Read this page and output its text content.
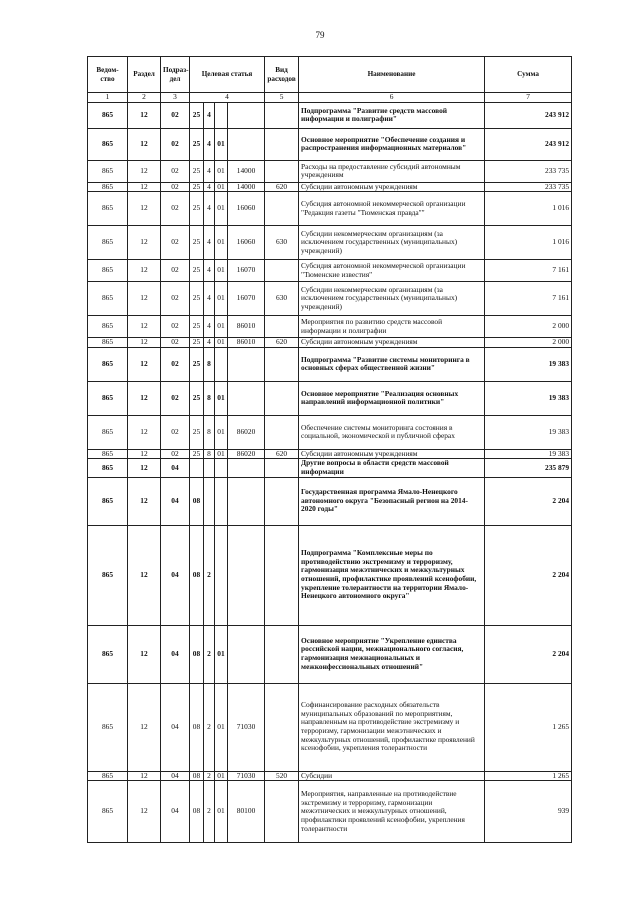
79
Ведом-ство	Раздел	Подраз-дел	Целевая статья				Вид расходов	Наименование	Сумма
1	2	3	4				5	6	7
865	12	02	25	4				Подпрограмма "Развитие средств массовой информации и полиграфии"	243 912
865	12	02	25	4	01			Основное мероприятие "Обеспечение создания и распространения информационных материалов"	243 912
865	12	02	25	4	01	14000		Расходы на предоставление субсидий автономным учреждениям	233 735
865	12	02	25	4	01	14000	620	Субсидии автономным учреждениям	233 735
865	12	02	25	4	01	16060		Субсидия автономной некоммерческой организации "Редакция газеты "Тюменская правда""	1 016
865	12	02	25	4	01	16060	630	Субсидии некоммерческим организациям (за исключением государственных (муниципальных) учреждений)	1 016
865	12	02	25	4	01	16070		Субсидия автономной некоммерческой организации "Тюменские известия"	7 161
865	12	02	25	4	01	16070	630	Субсидии некоммерческим организациям (за исключением государственных (муниципальных) учреждений)	7 161
865	12	02	25	4	01	86010		Мероприятия по развитию средств массовой информации и полиграфии	2 000
865	12	02	25	4	01	86010	620	Субсидии автономным учреждениям	2 000
865	12	02	25	8				Подпрограмма "Развитие системы мониторинга в основных сферах общественной жизни"	19 383
865	12	02	25	8	01			Основное мероприятие "Реализация основных направлений информационной политики"	19 383
865	12	02	25	8	01	86020		Обеспечение системы мониторинга состояния в социальной, экономической и публичной сферах	19 383
865	12	02	25	8	01	86020	620	Субсидии автономным учреждениям	19 383
865	12	04						Другие вопросы в области средств массовой информации	235 879
865	12	04	08					Государственная программа Ямало-Ненецкого автономного округа "Безопасный регион на 2014-2020 годы"	2 204
865	12	04	08	2				Подпрограмма "Комплексные меры по противодействию экстремизму и терроризму, гармонизация межэтнических и межкультурных отношений, профилактике проявлений ксенофобии, укрепление толерантности на территории Ямало-Ненецкого автономного округа"	2 204
865	12	04	08	2	01			Основное мероприятие "Укрепление единства российской нации, межнационального согласия, гармонизация межнациональных и межконфессиональных отношений"	2 204
865	12	04	08	2	01	71030		Софинансирование расходных обязательств муниципальных образований по мероприятиям, направленным на противодействие экстремизму и терроризму, гармонизации межэтнических и межкультурных отношений, профилактике проявлений ксенофобии, укрепления толерантности	1 265
865	12	04	08	2	01	71030	520	Субсидии	1 265
865	12	04	08	2	01	80100		Мероприятия, направленные на противодействие экстремизму и терроризму, гармонизации межэтнических и межкультурных отношений, профилактики проявлений ксенофобии, укрепления толерантности	939
